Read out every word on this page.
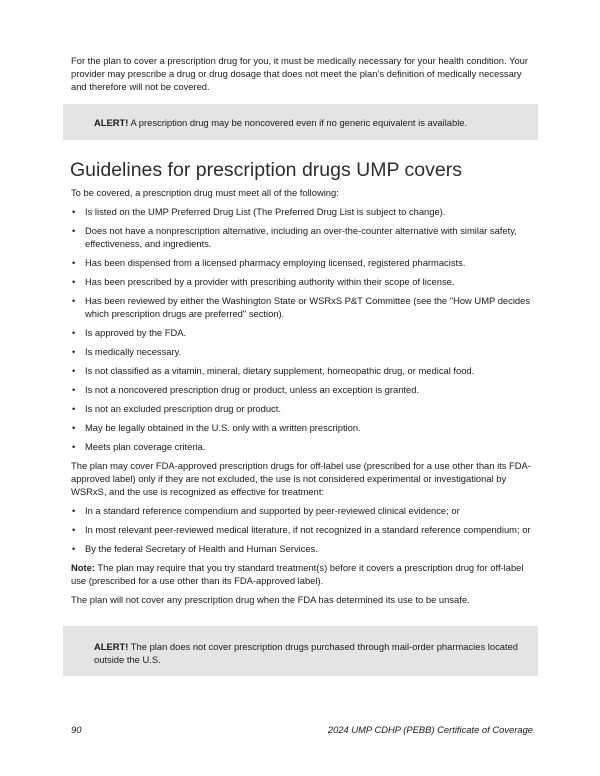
For the plan to cover a prescription drug for you, it must be medically necessary for your health condition. Your provider may prescribe a drug or drug dosage that does not meet the plan’s definition of medically necessary and therefore will not be covered.

ALERT! A prescription drug may be noncovered even if no generic equivalent is available.

Guidelines for prescription drugs UMP covers

To be covered, a prescription drug must meet all of the following:

• Is listed on the UMP Preferred Drug List (The Preferred Drug List is subject to change).
• Does not have a nonprescription alternative, including an over-the-counter alternative with similar safety, effectiveness, and ingredients.
• Has been dispensed from a licensed pharmacy employing licensed, registered pharmacists.
• Has been prescribed by a provider with prescribing authority within their scope of license.
• Has been reviewed by either the Washington State or WSRxS P&T Committee (see the "How UMP decides which prescription drugs are preferred" section).
• Is approved by the FDA.
• Is medically necessary.
• Is not classified as a vitamin, mineral, dietary supplement, homeopathic drug, or medical food.
• Is not a noncovered prescription drug or product, unless an exception is granted.
• Is not an excluded prescription drug or product.
• May be legally obtained in the U.S. only with a written prescription.
• Meets plan coverage criteria.

The plan may cover FDA-approved prescription drugs for off-label use (prescribed for a use other than its FDA-approved label) only if they are not excluded, the use is not considered experimental or investigational by WSRxS, and the use is recognized as effective for treatment:

• In a standard reference compendium and supported by peer-reviewed clinical evidence; or
• In most relevant peer-reviewed medical literature, if not recognized in a standard reference compendium; or
• By the federal Secretary of Health and Human Services.

Note: The plan may require that you try standard treatment(s) before it covers a prescription drug for off-label use (prescribed for a use other than its FDA-approved label).

The plan will not cover any prescription drug when the FDA has determined its use to be unsafe.

ALERT! The plan does not cover prescription drugs purchased through mail-order pharmacies located outside the U.S.

90	2024 UMP CDHP (PEBB) Certificate of Coverage
